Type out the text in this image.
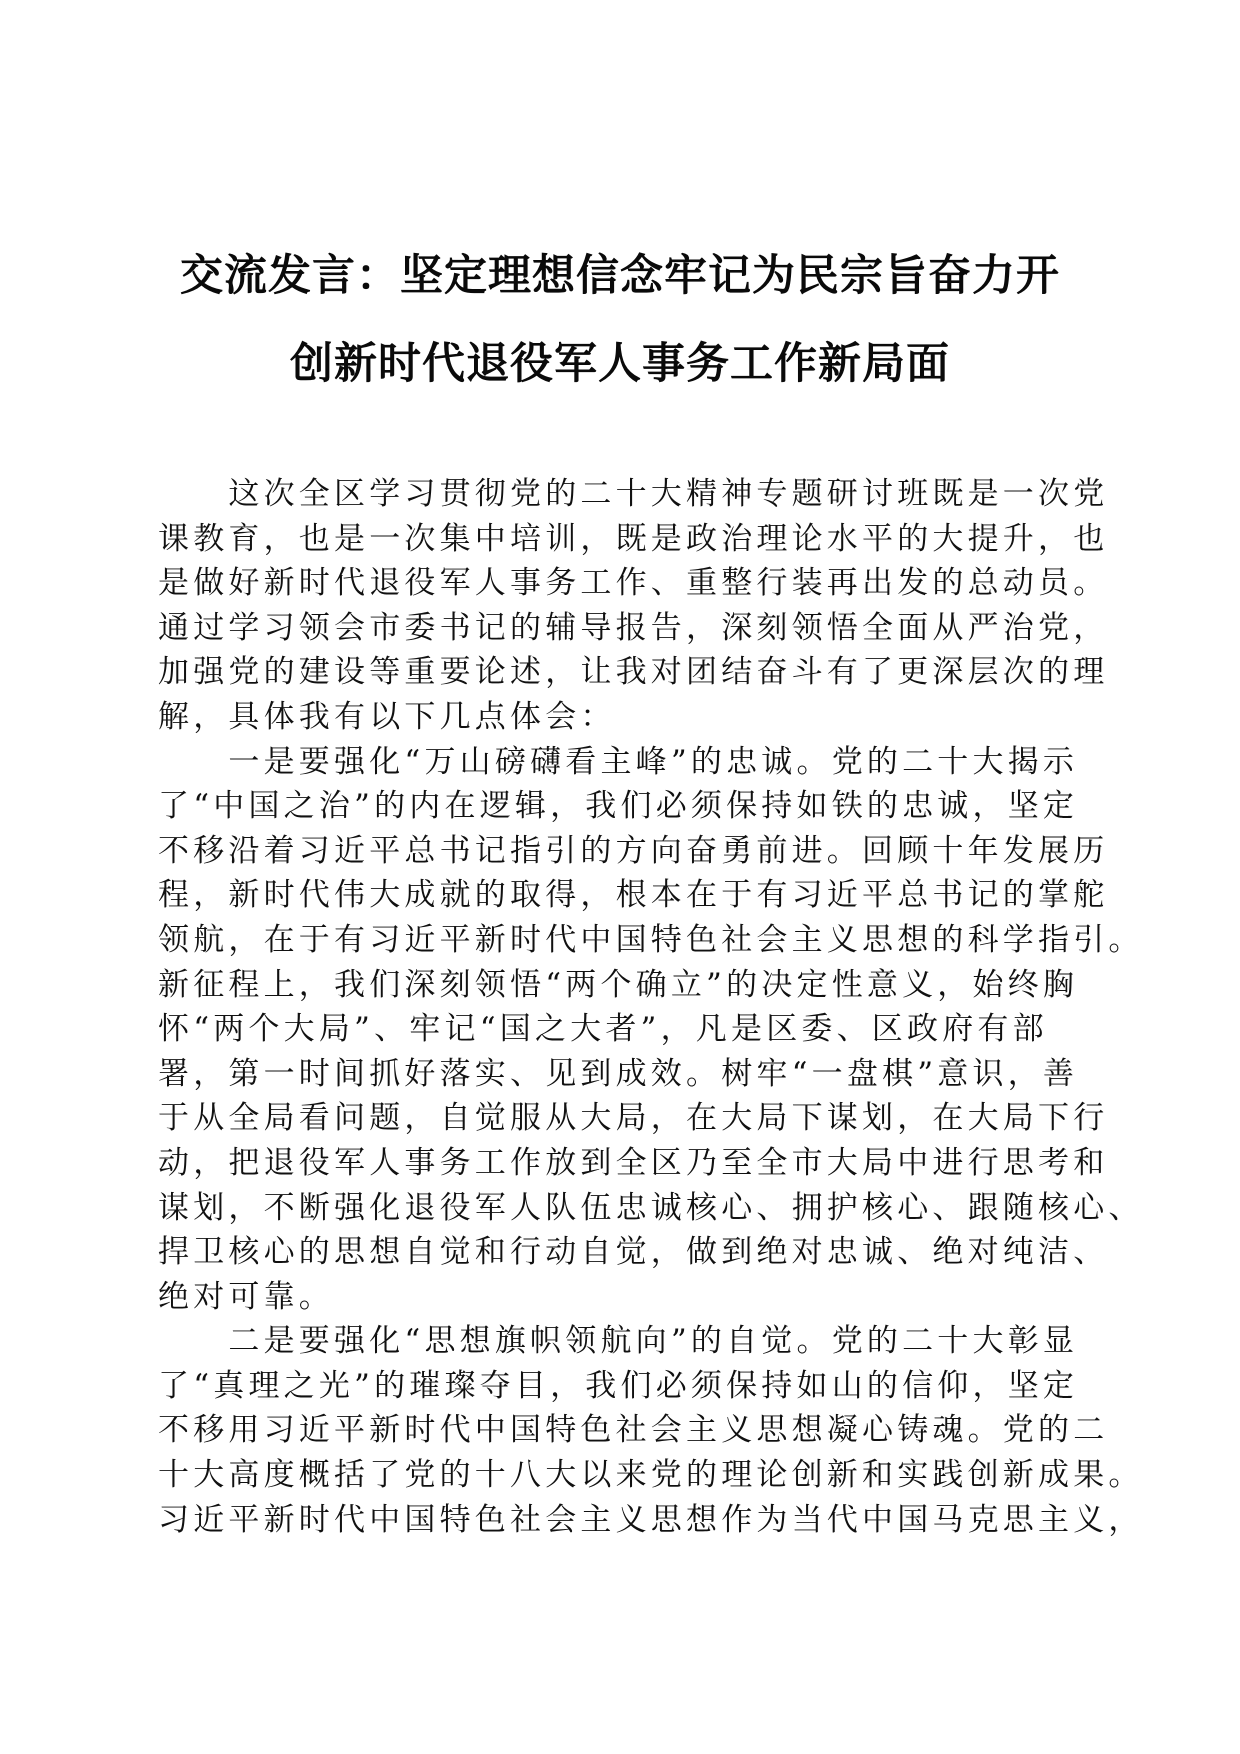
交流发言：坚定理想信念牢记为民宗旨奋力开
创新时代退役军人事务工作新局面
　　这次全区学习贯彻党的二十大精神专题研讨班既是一次党
课教育，也是一次集中培训，既是政治理论水平的大提升，也
是做好新时代退役军人事务工作、重整行装再出发的总动员。
通过学习领会市委书记的辅导报告，深刻领悟全面从严治党，
加强党的建设等重要论述，让我对团结奋斗有了更深层次的理
解，具体我有以下几点体会：
　　一是要强化“万山磅礴看主峰”的忠诚。党的二十大揭示
了“中国之治”的内在逻辑，我们必须保持如铁的忠诚，坚定
不移沿着习近平总书记指引的方向奋勇前进。回顾十年发展历
程，新时代伟大成就的取得，根本在于有习近平总书记的掌舵
领航，在于有习近平新时代中国特色社会主义思想的科学指引。
新征程上，我们深刻领悟“两个确立”的决定性意义，始终胸
怀“两个大局”、牢记“国之大者”，凡是区委、区政府有部
署，第一时间抓好落实、见到成效。树牢“一盘棋”意识，善
于从全局看问题，自觉服从大局，在大局下谋划，在大局下行
动，把退役军人事务工作放到全区乃至全市大局中进行思考和
谋划，不断强化退役军人队伍忠诚核心、拥护核心、跟随核心、
捍卫核心的思想自觉和行动自觉，做到绝对忠诚、绝对纯洁、
绝对可靠。
　　二是要强化“思想旗帜领航向”的自觉。党的二十大彰显
了“真理之光”的璀璨夺目，我们必须保持如山的信仰，坚定
不移用习近平新时代中国特色社会主义思想凝心铸魂。党的二
十大高度概括了党的十八大以来党的理论创新和实践创新成果。
习近平新时代中国特色社会主义思想作为当代中国马克思主义，
